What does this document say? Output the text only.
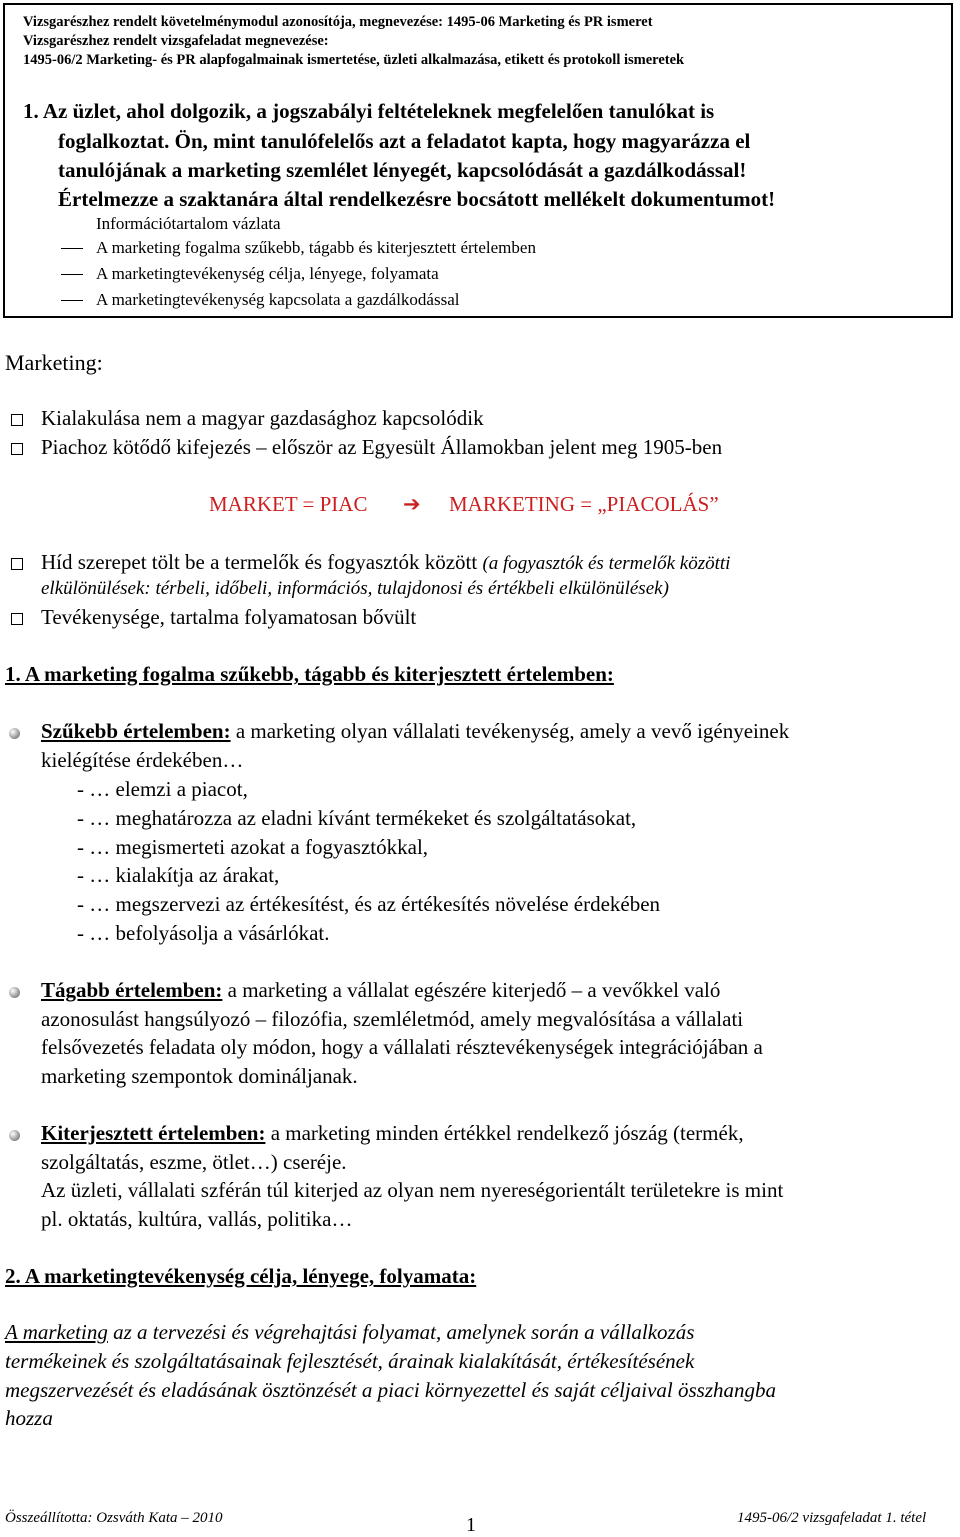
Vizsgarészhez rendelt követelménymodul azonosítója, megnevezése: 1495-06 Marketing és PR ismeret
Vizsgarészhez rendelt vizsgafeladat megnevezése:
1495-06/2 Marketing- és PR alapfogalmainak ismertetése, üzleti alkalmazása, etikett és protokoll ismeretek
1. Az üzlet, ahol dolgozik, a jogszabályi feltételeknek megfelelően tanulókat is
foglalkoztat. Ön, mint tanulófelelős azt a feladatot kapta, hogy magyarázza el
tanulójának a marketing szemlélet lényegét, kapcsolódását a gazdálkodással!
Értelmezze a szaktanára által rendelkezésre bocsátott mellékelt dokumentumot!
Információtartalom vázlata
A marketing fogalma szűkebb, tágabb és kiterjesztett értelemben
A marketingtevékenység célja, lényege, folyamata
A marketingtevékenység kapcsolata a gazdálkodással
Marketing:
Kialakulása nem a magyar gazdasághoz kapcsolódik
Piachoz kötődő kifejezés – először az Egyesült Államokban jelent meg 1905-ben
MARKET = PIAC ➔ MARKETING = „PIACOLÁS”
Híd szerepet tölt be a termelők és fogyasztók között (a fogyasztók és termelők közötti
elkülönülések: térbeli, időbeli, információs, tulajdonosi és értékbeli elkülönülések)
Tevékenysége, tartalma folyamatosan bővült
1. A marketing fogalma szűkebb, tágabb és kiterjesztett értelemben:
Szűkebb értelemben: a marketing olyan vállalati tevékenység, amely a vevő igényeinek
kielégítése érdekében…
- … elemzi a piacot,
- … meghatározza az eladni kívánt termékeket és szolgáltatásokat,
- … megismerteti azokat a fogyasztókkal,
- … kialakítja az árakat,
- … megszervezi az értékesítést, és az értékesítés növelése érdekében
- … befolyásolja a vásárlókat.
Tágabb értelemben: a marketing a vállalat egészére kiterjedő – a vevőkkel való
azonosulást hangsúlyozó – filozófia, szemléletmód, amely megvalósítása a vállalati
felsővezetés feladata oly módon, hogy a vállalati résztevékenységek integrációjában a
marketing szempontok domináljanak.
Kiterjesztett értelemben: a marketing minden értékkel rendelkező jószág (termék,
szolgáltatás, eszme, ötlet…) cseréje.
Az üzleti, vállalati szférán túl kiterjed az olyan nem nyereségorientált területekre is mint
pl. oktatás, kultúra, vallás, politika…
2. A marketingtevékenység célja, lényege, folyamata:
A marketing az a tervezési és végrehajtási folyamat, amelynek során a vállalkozás
termékeinek és szolgáltatásainak fejlesztését, árainak kialakítását, értékesítésének
megszervezését és eladásának ösztönzését a piaci környezettel és saját céljaival összhangba
hozza
Összeállította: Ozsváth Kata – 2010	1	1495-06/2 vizsgafeladat 1. tétel
